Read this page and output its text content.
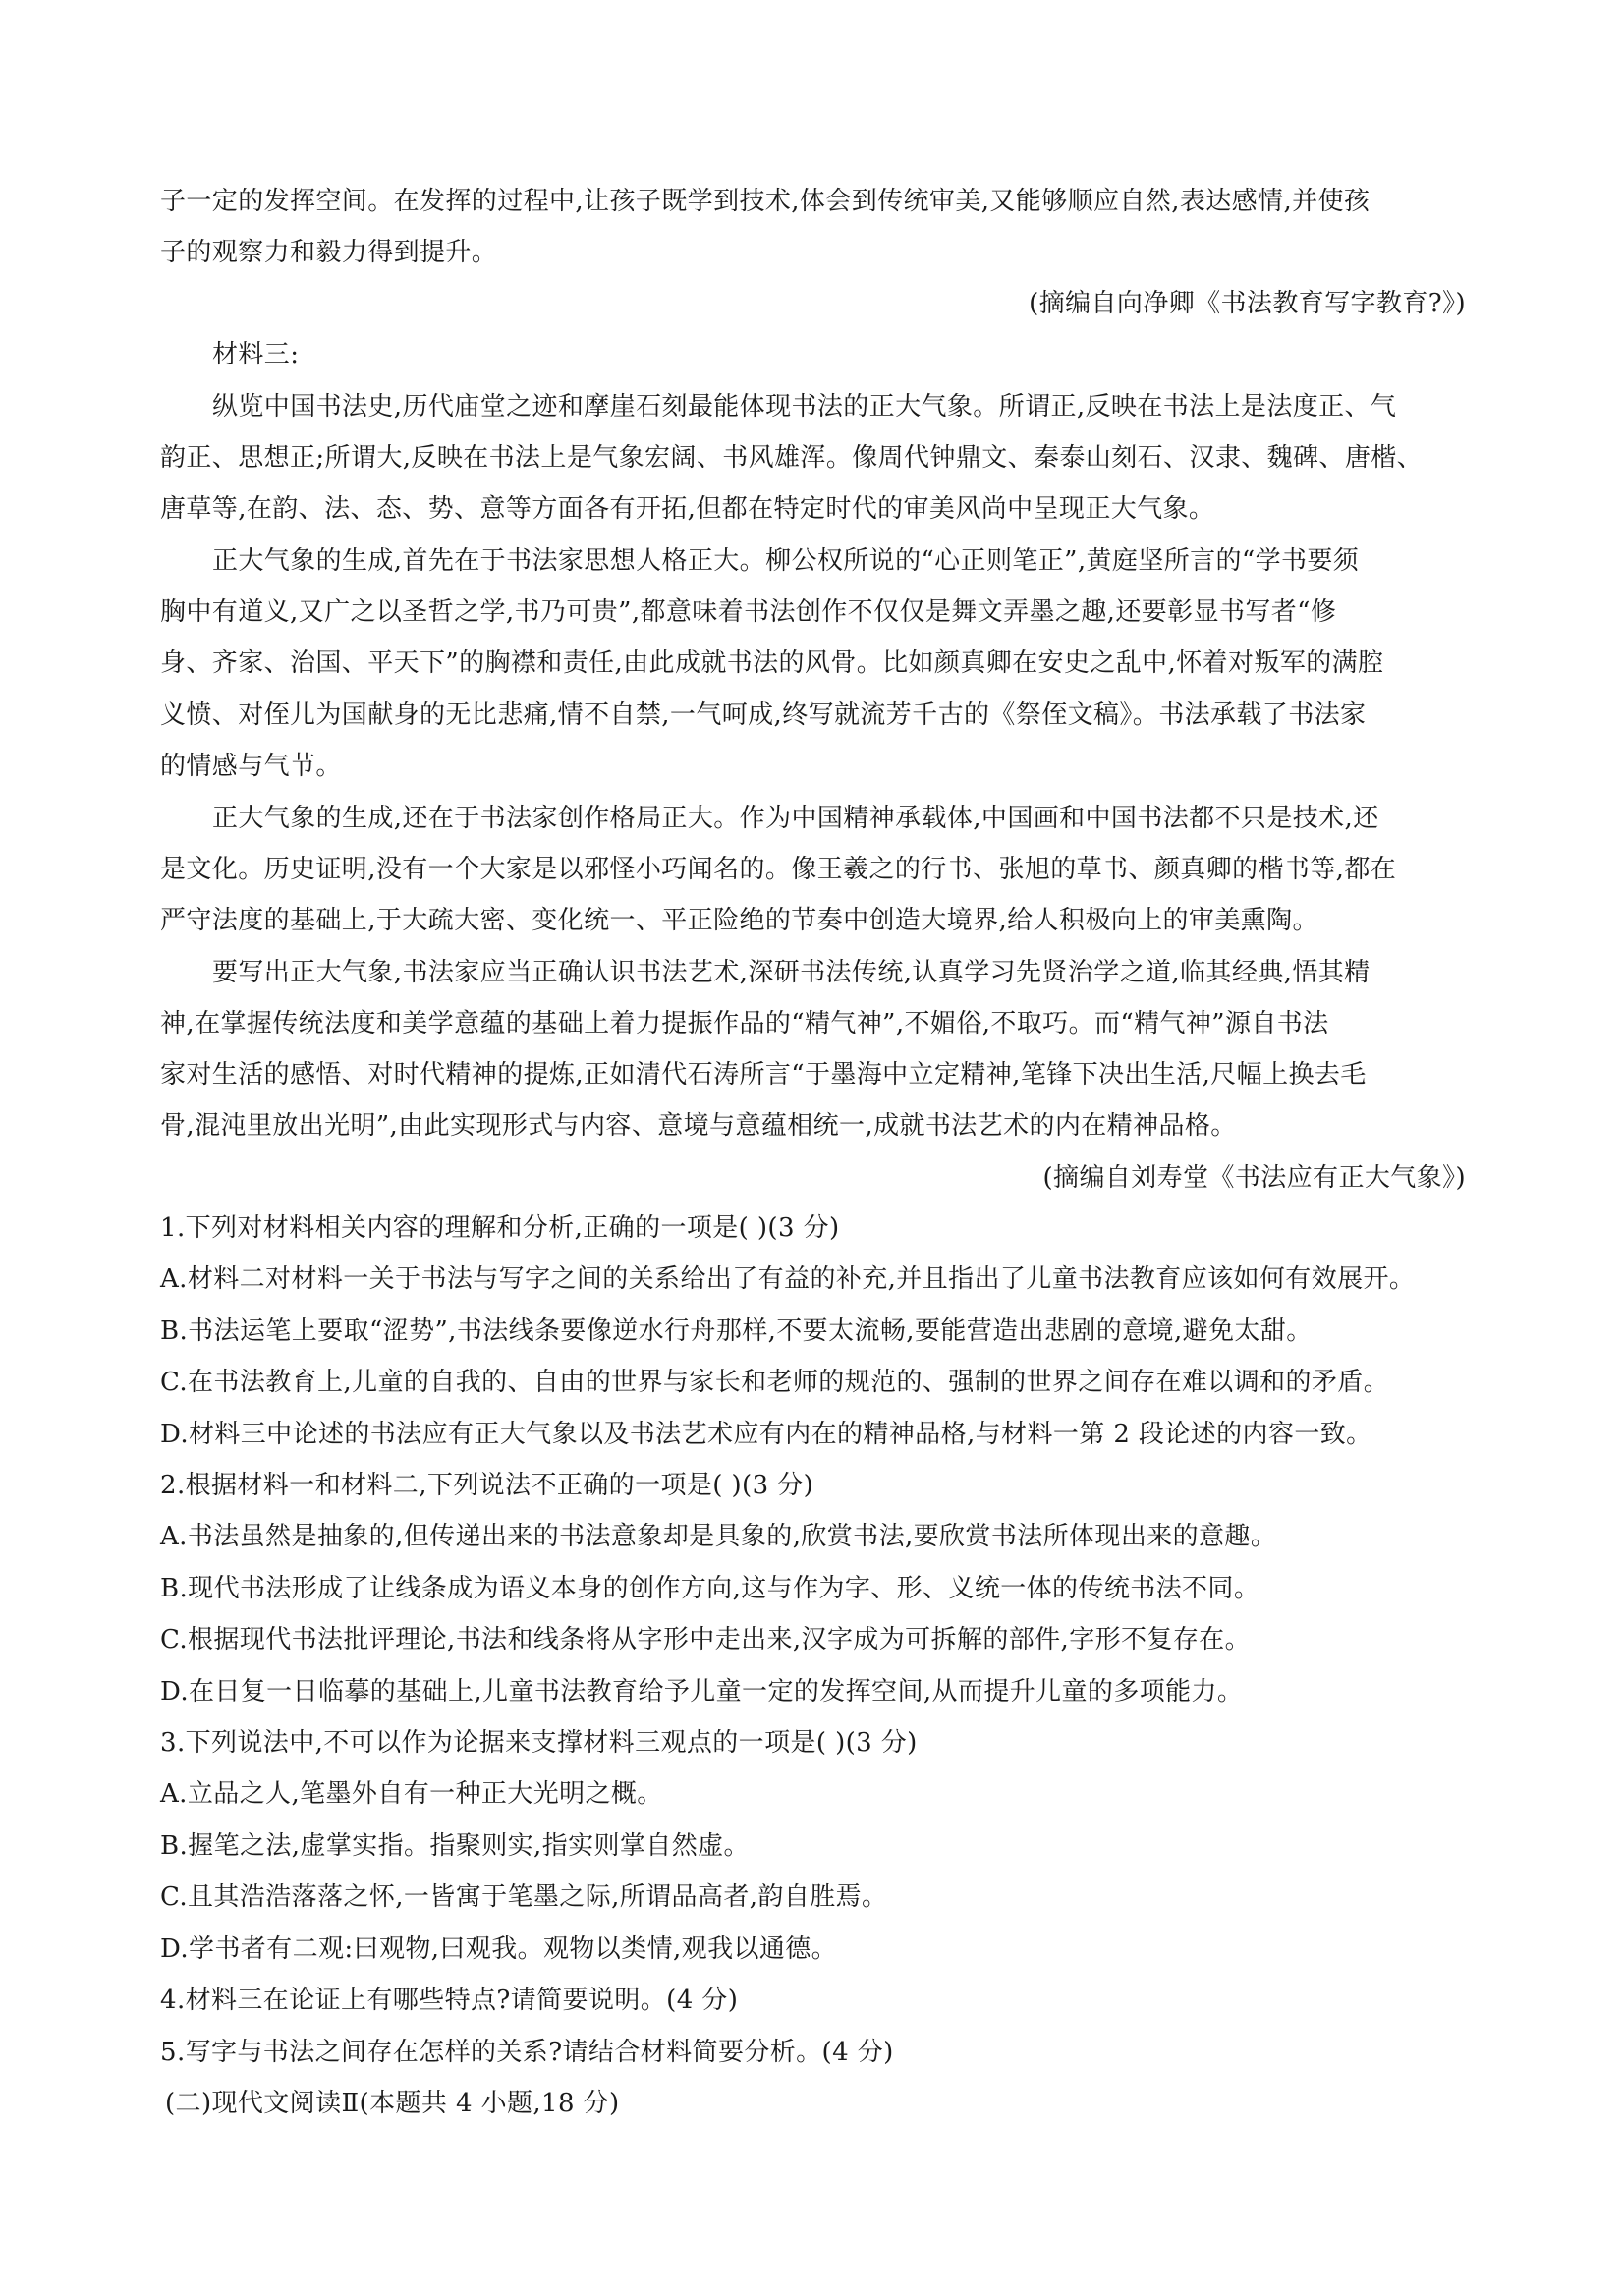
子一定的发挥空间。在发挥的过程中,让孩子既学到技术,体会到传统审美,又能够顺应自然,表达感情,并使孩
子的观察力和毅力得到提升。
(摘编自向净卿《书法教育写字教育?》)
材料三:
纵览中国书法史,历代庙堂之迹和摩崖石刻最能体现书法的正大气象。所谓正,反映在书法上是法度正、气
韵正、思想正;所谓大,反映在书法上是气象宏阔、书风雄浑。像周代钟鼎文、秦泰山刻石、汉隶、魏碑、唐楷、
唐草等,在韵、法、态、势、意等方面各有开拓,但都在特定时代的审美风尚中呈现正大气象。
正大气象的生成,首先在于书法家思想人格正大。柳公权所说的“心正则笔正”,黄庭坚所言的“学书要须
胸中有道义,又广之以圣哲之学,书乃可贵”,都意味着书法创作不仅仅是舞文弄墨之趣,还要彰显书写者“修
身、齐家、治国、平天下”的胸襟和责任,由此成就书法的风骨。比如颜真卿在安史之乱中,怀着对叛军的满腔
义愤、对侄儿为国献身的无比悲痛,情不自禁,一气呵成,终写就流芳千古的《祭侄文稿》。书法承载了书法家
的情感与气节。
正大气象的生成,还在于书法家创作格局正大。作为中国精神承载体,中国画和中国书法都不只是技术,还
是文化。历史证明,没有一个大家是以邪怪小巧闻名的。像王羲之的行书、张旭的草书、颜真卿的楷书等,都在
严守法度的基础上,于大疏大密、变化统一、平正险绝的节奏中创造大境界,给人积极向上的审美熏陶。
要写出正大气象,书法家应当正确认识书法艺术,深研书法传统,认真学习先贤治学之道,临其经典,悟其精
神,在掌握传统法度和美学意蕴的基础上着力提振作品的“精气神”,不媚俗,不取巧。而“精气神”源自书法
家对生活的感悟、对时代精神的提炼,正如清代石涛所言“于墨海中立定精神,笔锋下决出生活,尺幅上换去毛
骨,混沌里放出光明”,由此实现形式与内容、意境与意蕴相统一,成就书法艺术的内在精神品格。
(摘编自刘寿堂《书法应有正大气象》)
1.下列对材料相关内容的理解和分析,正确的一项是( )(3 分)
A.材料二对材料一关于书法与写字之间的关系给出了有益的补充,并且指出了儿童书法教育应该如何有效展开。
B.书法运笔上要取“涩势”,书法线条要像逆水行舟那样,不要太流畅,要能营造出悲剧的意境,避免太甜。
C.在书法教育上,儿童的自我的、自由的世界与家长和老师的规范的、强制的世界之间存在难以调和的矛盾。
D.材料三中论述的书法应有正大气象以及书法艺术应有内在的精神品格,与材料一第 2 段论述的内容一致。
2.根据材料一和材料二,下列说法不正确的一项是( )(3 分)
A.书法虽然是抽象的,但传递出来的书法意象却是具象的,欣赏书法,要欣赏书法所体现出来的意趣。
B.现代书法形成了让线条成为语义本身的创作方向,这与作为字、形、义统一体的传统书法不同。
C.根据现代书法批评理论,书法和线条将从字形中走出来,汉字成为可拆解的部件,字形不复存在。
D.在日复一日临摹的基础上,儿童书法教育给予儿童一定的发挥空间,从而提升儿童的多项能力。
3.下列说法中,不可以作为论据来支撑材料三观点的一项是( )(3 分)
A.立品之人,笔墨外自有一种正大光明之概。
B.握笔之法,虚掌实指。指聚则实,指实则掌自然虚。
C.且其浩浩落落之怀,一皆寓于笔墨之际,所谓品高者,韵自胜焉。
D.学书者有二观:曰观物,曰观我。观物以类情,观我以通德。
4.材料三在论证上有哪些特点?请简要说明。(4 分)
5.写字与书法之间存在怎样的关系?请结合材料简要分析。(4 分)
(二)现代文阅读Ⅱ(本题共 4 小题,18 分)
